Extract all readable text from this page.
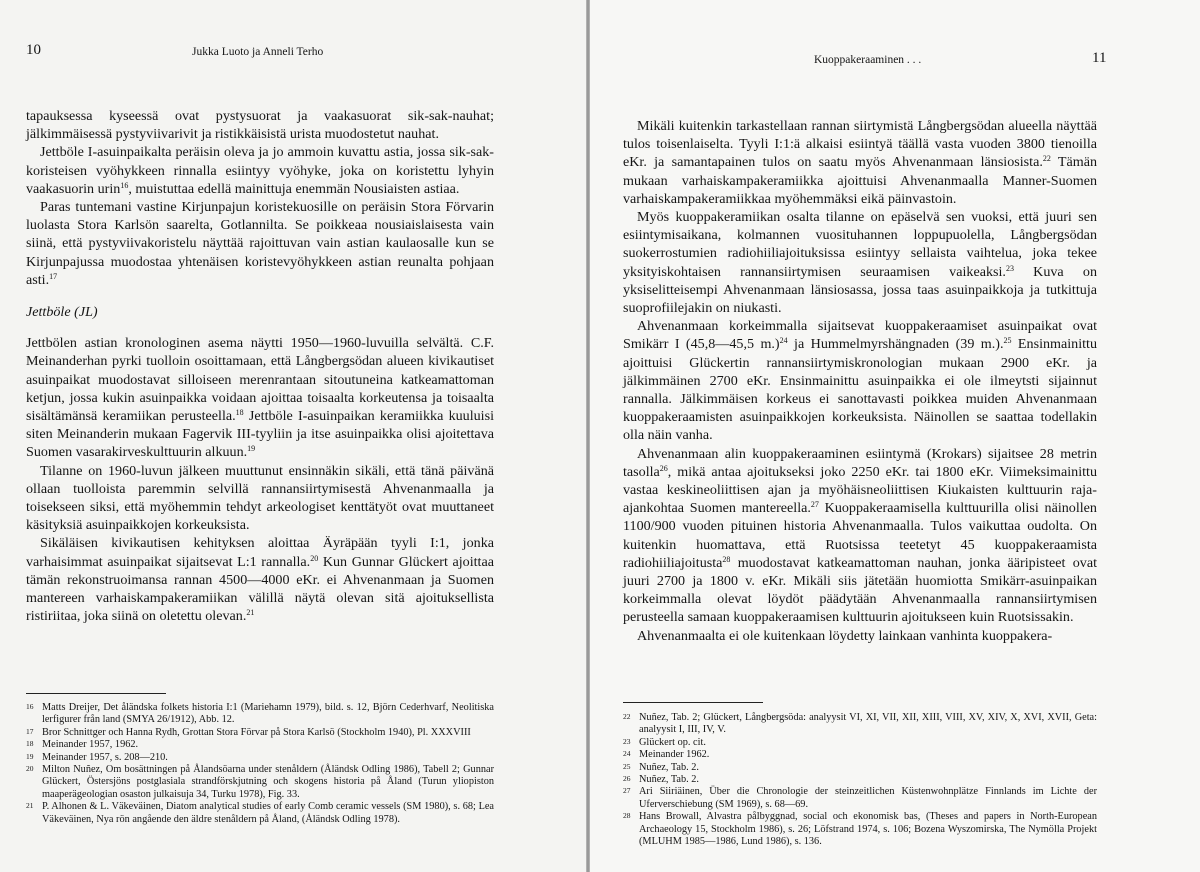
10	Jukka Luoto ja Anneli Terho

tapauksessa kyseessä ovat pystysuorat ja vaakasuorat sik-sak-nauhat; jälkimmäisessä pystyviivarivit ja ristikkäisistä urista muodostetut nauhat.

Jettböle I-asuinpaikalta peräisin oleva ja jo ammoin kuvattu astia, jossa sik-sak-koristeisen vyöhykkeen rinnalla esiintyy vyöhyke, joka on koristettu lyhyin vaakasuorin urin$^{16}$, muistuttaa edellä mainittuja enemmän Nousiaisten astiaa.

Paras tuntemani vastine Kirjunpajun koristekuosille on peräisin Stora Förvarin luolasta Stora Karlsön saarelta, Gotlannilta. Se poikkeaa nousiaislaisesta vain siinä, että pystyviivakoristelu näyttää rajoittuvan vain astian kaulaosalle kun se Kirjunpajussa muodostaa yhtenäisen koristevyöhykkeen astian reunalta pohjaan asti.$^{17}$

Jettböle (JL)

Jettbölen astian kronologinen asema näytti 1950—1960-luvuilla selvältä. C.F. Meinanderhan pyrki tuolloin osoittamaan, että Långbergsödan alueen kivikautiset asuinpaikat muodostavat silloiseen merenrantaan sitoutuneina katkeamattoman ketjun, jossa kukin asuinpaikka voidaan ajoittaa toisaalta korkeutensa ja toisaalta sisältämänsä keramiikan perusteella.$^{18}$ Jettböle I-asuinpaikan keramiikka kuuluisi siten Meinanderin mukaan Fagervik III-tyyliin ja itse asuinpaikka olisi ajoitettava Suomen vasarakirveskulttuurin alkuun.$^{19}$

Tilanne on 1960-luvun jälkeen muuttunut ensinnäkin sikäli, että tänä päivänä ollaan tuolloista paremmin selvillä rannansiirtymisestä Ahvenanmaalla ja toisekseen siksi, että myöhemmin tehdyt arkeologiset kenttätyöt ovat muuttaneet käsityksiä asuinpaikkojen korkeuksista.

Sikäläisen kivikautisen kehityksen aloittaa Äyräpään tyyli I:1, jonka varhaisimmat asuinpaikat sijaitsevat L:1 rannalla.$^{20}$ Kun Gunnar Glückert ajoittaa tämän rekonstruoimansa rannan 4500—4000 eKr. ei Ahvenanmaan ja Suomen mantereen varhaiskampakeramiikan välillä näytä olevan sitä ajoituksellista ristiriitaa, joka siinä on oletettu olevan.$^{21}$

16 Matts Dreijer, Det åländska folkets historia I:1 (Mariehamn 1979), bild. s. 12, Björn Cederhvarf, Neolitiska lerfigurer från land (SMYA 26/1912), Abb. 12.
17 Bror Schnittger och Hanna Rydh, Grottan Stora Förvar på Stora Karlsö (Stockholm 1940), Pl. XXXVIII
18 Meinander 1957, 1962.
19 Meinander 1957, s. 208—210.
20 Milton Nuñez, Om bosättningen på Ålandsöarna under stenåldern (Åländsk Odling 1986), Tabell 2; Gunnar Glückert, Östersjöns postglasiala strandförskjutning och skogens historia på Åland (Turun yliopiston maaperägeologian osaston julkaisuja 34, Turku 1978), Fig. 33.
21 P. Alhonen & L. Väkeväinen, Diatom analytical studies of early Comb ceramic vessels (SM 1980), s. 68; Lea Väkeväinen, Nya rön angående den äldre stenåldern på Åland, (Åländsk Odling 1978).
Kuoppakeraaminen . . .	11

Mikäli kuitenkin tarkastellaan rannan siirtymistä Långbergsödan alueella näyttää tulos toisenlaiselta. Tyyli I:1:ä alkaisi esiintyä täällä vasta vuoden 3800 tienoilla eKr. ja samantapainen tulos on saatu myös Ahvenanmaan länsiosista.$^{22}$ Tämän mukaan varhaiskampakeramiikka ajoittuisi Ahvenanmaalla Manner-Suomen varhaiskampakeramiikkaa myöhemmäksi eikä päinvastoin.

Myös kuoppakeramiikan osalta tilanne on epäselvä sen vuoksi, että juuri sen esiintymisaikana, kolmannen vuosituhannen loppupuolella, Långbergsödan suokerrostumien radiohiiliajoituksissa esiintyy sellaista vaihtelua, joka tekee yksityiskohtaisen rannansiirtymisen seuraamisen vaikeaksi.$^{23}$ Kuva on yksiselitteisempi Ahvenanmaan länsiosassa, jossa taas asuinpaikkoja ja tutkittuja suoprofiilejakin on niukasti.

Ahvenanmaan korkeimmalla sijaitsevat kuoppakeraamiset asuinpaikat ovat Smikärr I (45,8—45,5 m.)$^{24}$ ja Hummelmyrshängnaden (39 m.).$^{25}$ Ensinmainittu ajoittuisi Glückertin rannansiirtymiskronologian mukaan 2900 eKr. ja jälkimmäinen 2700 eKr. Ensinmainittu asuinpaikka ei ole ilmeytsti sijainnut rannalla. Jälkimmäisen korkeus ei sanottavasti poikkea muiden Ahvenanmaan kuoppakeraamisten asuinpaikkojen korkeuksista. Näinollen se saattaa todellakin olla näin vanha.

Ahvenanmaan alin kuoppakeraaminen esiintymä (Krokars) sijaitsee 28 metrin tasolla$^{26}$, mikä antaa ajoitukseksi joko 2250 eKr. tai 1800 eKr. Viimeksimainittu vastaa keskineoliittisen ajan ja myöhäisneoliittisen Kiukaisten kulttuurin raja-ajankohtaa Suomen mantereella.$^{27}$ Kuoppakeraamisella kulttuurilla olisi näinollen 1100/900 vuoden pituinen historia Ahvenanmaalla. Tulos vaikuttaa oudolta. On kuitenkin huomattava, että Ruotsissa teetetyt 45 kuoppakeraamista radiohiiliajoitusta$^{28}$ muodostavat katkeamattoman nauhan, jonka ääripisteet ovat juuri 2700 ja 1800 v. eKr. Mikäli siis jätetään huomiotta Smikärr-asuinpaikan korkeimmalla olevat löydöt päädytään Ahvenanmaalla rannansiirtymisen perusteella samaan kuoppakeraamisen kulttuurin ajoitukseen kuin Ruotsissakin.

Ahvenanmaalta ei ole kuitenkaan löydetty lainkaan vanhinta kuoppakera-

22 Nuñez, Tab. 2; Glückert, Långbergsöda: analyysit VI, XI, VII, XII, XIII, VIII, XV, XIV, X, XVI, XVII, Geta: analyysit I, III, IV, V.
23 Glückert op. cit.
24 Meinander 1962.
25 Nuñez, Tab. 2.
26 Nuñez, Tab. 2.
27 Ari Siiriäinen, Über die Chronologie der steinzeitlichen Küstenwohnplätze Finnlands im Lichte der Uferverschiebung (SM 1969), s. 68—69.
28 Hans Browall, Alvastra pålbyggnad, social och ekonomisk bas, (Theses and papers in North-European Archaeology 15, Stockholm 1986), s. 26; Löfstrand 1974, s. 106; Bozena Wyszomirska, The Nymölla Projekt (MLUHM 1985—1986, Lund 1986), s. 136.
